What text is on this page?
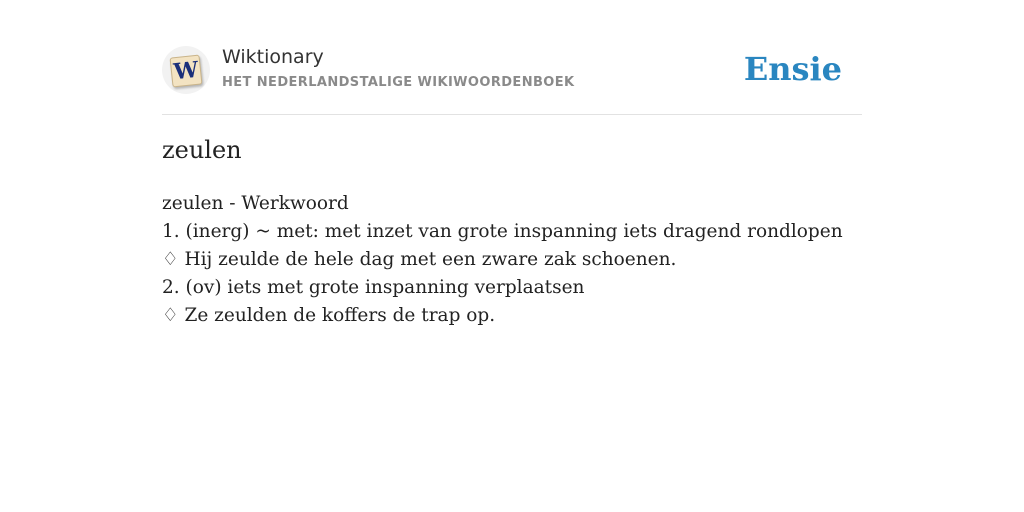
W Wiktionary
HET NEDERLANDSTALIGE WIKIWOORDENBOEK	Ensie
zeulen
zeulen - Werkwoord
1. (inerg) ~ met: met inzet van grote inspanning iets dragend rondlopen
♢ Hij zeulde de hele dag met een zware zak schoenen.
2. (ov) iets met grote inspanning verplaatsen
♢ Ze zeulden de koffers de trap op.
